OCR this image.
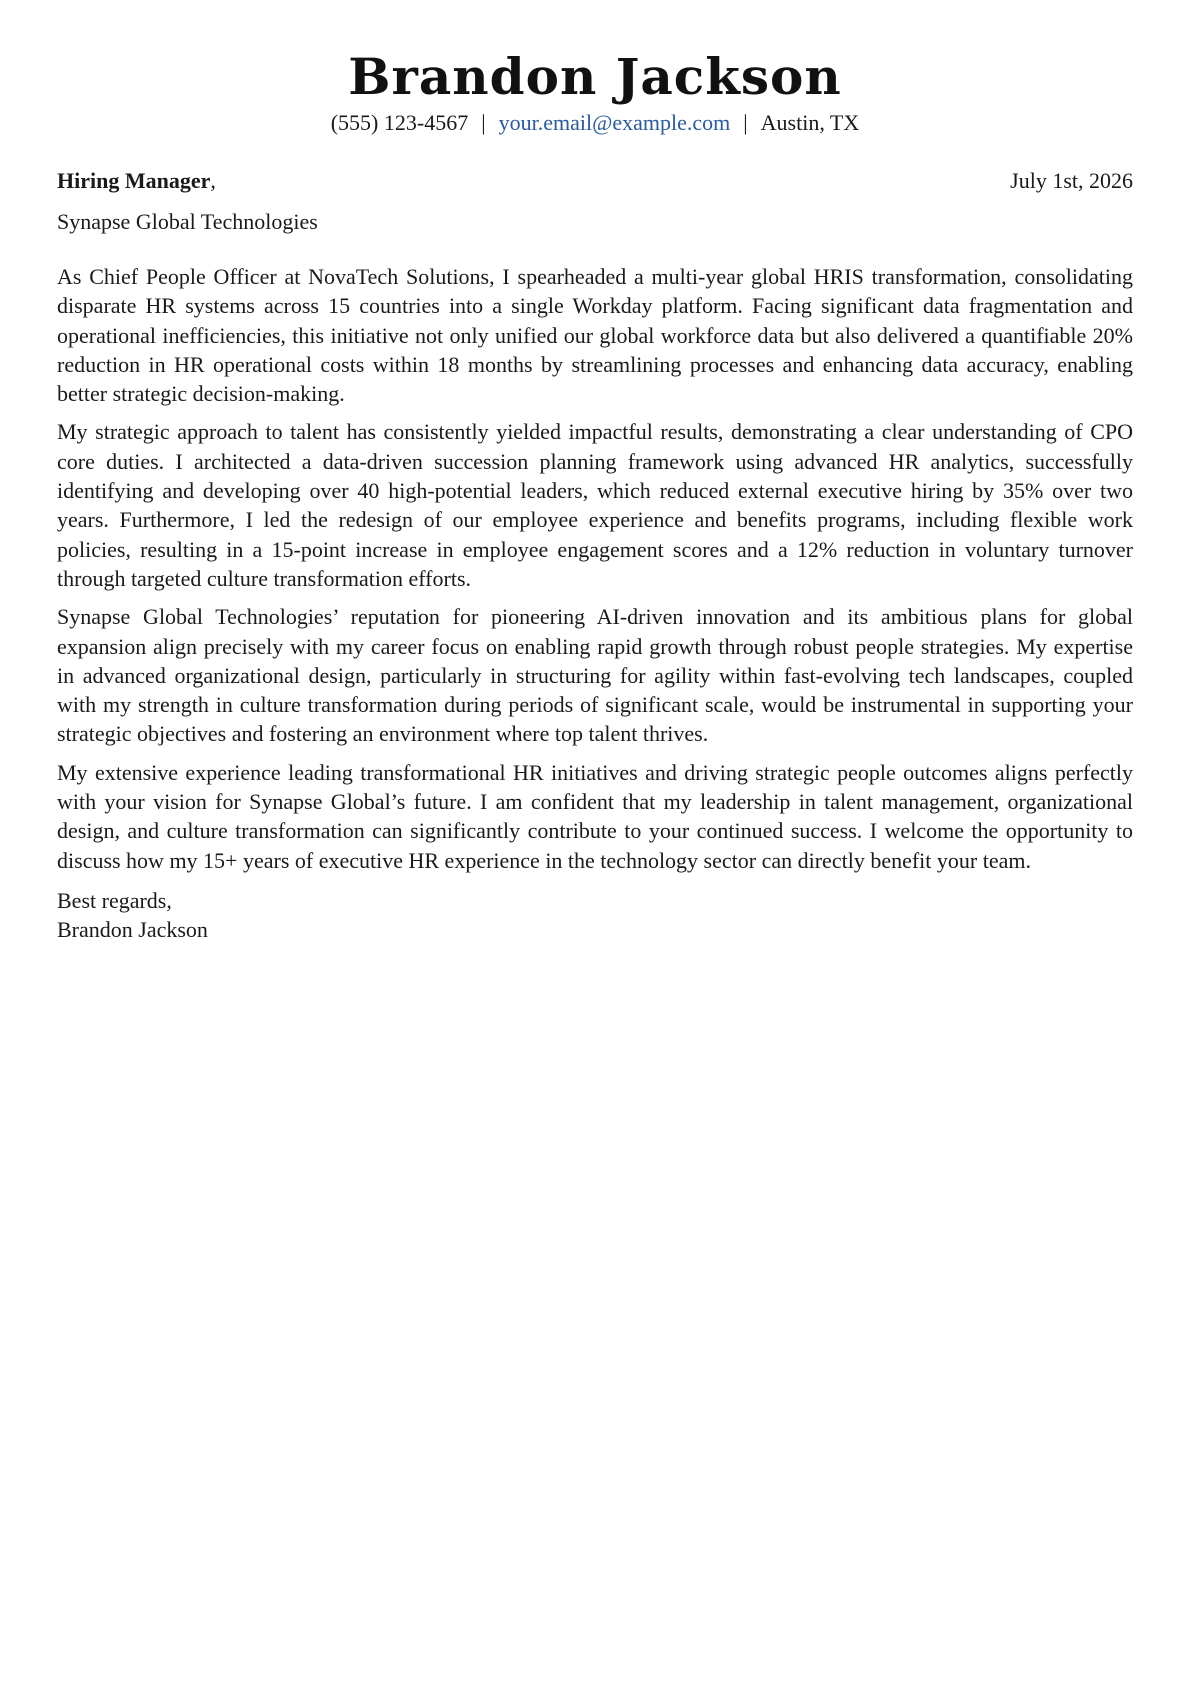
Brandon Jackson
(555) 123-4567 | your.email@example.com | Austin, TX
Hiring Manager,	July 1st, 2026
Synapse Global Technologies

As Chief People Officer at NovaTech Solutions, I spearheaded a multi-year global HRIS transformation, consolidating disparate HR systems across 15 countries into a single Workday platform. Facing significant data fragmentation and operational inefficiencies, this initiative not only unified our global workforce data but also delivered a quantifiable 20% reduction in HR operational costs within 18 months by streamlining processes and enhancing data accuracy, enabling better strategic decision-making.

My strategic approach to talent has consistently yielded impactful results, demonstrating a clear understanding of CPO core duties. I architected a data-driven succession planning framework using advanced HR analytics, successfully identifying and developing over 40 high-potential leaders, which reduced external executive hiring by 35% over two years. Furthermore, I led the redesign of our employee experience and benefits programs, including flexible work policies, resulting in a 15-point increase in employee engagement scores and a 12% reduction in voluntary turnover through targeted culture transformation efforts.

Synapse Global Technologies’ reputation for pioneering AI-driven innovation and its ambitious plans for global expansion align precisely with my career focus on enabling rapid growth through robust people strategies. My expertise in advanced organizational design, particularly in structuring for agility within fast-evolving tech landscapes, coupled with my strength in culture transformation during periods of significant scale, would be instrumental in supporting your strategic objectives and fostering an environment where top talent thrives.

My extensive experience leading transformational HR initiatives and driving strategic people outcomes aligns perfectly with your vision for Synapse Global’s future. I am confident that my leadership in talent management, organizational design, and culture transformation can significantly contribute to your continued success. I welcome the opportunity to discuss how my 15+ years of executive HR experience in the technology sector can directly benefit your team.

Best regards,
Brandon Jackson
